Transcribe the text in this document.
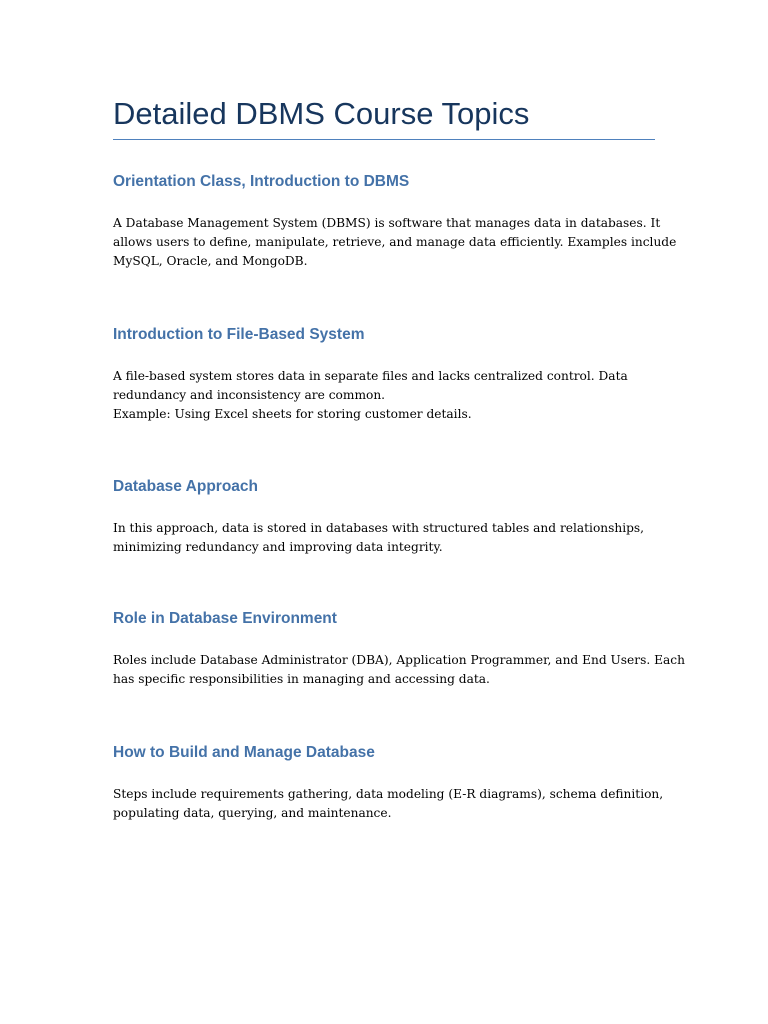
Detailed DBMS Course Topics
Orientation Class, Introduction to DBMS

A Database Management System (DBMS) is software that manages data in databases. It
allows users to define, manipulate, retrieve, and manage data efficiently. Examples include
MySQL, Oracle, and MongoDB.

Introduction to File-Based System

A file-based system stores data in separate files and lacks centralized control. Data
redundancy and inconsistency are common.
Example: Using Excel sheets for storing customer details.

Database Approach

In this approach, data is stored in databases with structured tables and relationships,
minimizing redundancy and improving data integrity.

Role in Database Environment

Roles include Database Administrator (DBA), Application Programmer, and End Users. Each
has specific responsibilities in managing and accessing data.

How to Build and Manage Database

Steps include requirements gathering, data modeling (E-R diagrams), schema definition,
populating data, querying, and maintenance.
